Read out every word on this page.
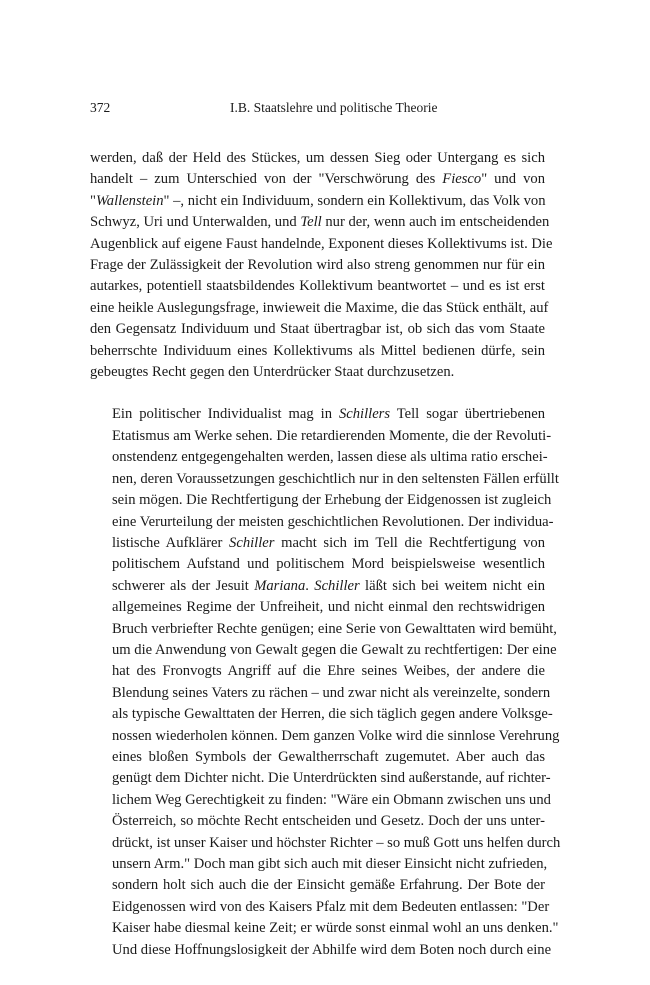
372	I.B. Staatslehre und politische Theorie

werden, daß der Held des Stückes, um dessen Sieg oder Untergang es sich
handelt – zum Unterschied von der "Verschwörung des Fiesco" und von
"Wallenstein" –, nicht ein Individuum, sondern ein Kollektivum, das Volk von
Schwyz, Uri und Unterwalden, und Tell nur der, wenn auch im entscheidenden
Augenblick auf eigene Faust handelnde, Exponent dieses Kollektivums ist. Die
Frage der Zulässigkeit der Revolution wird also streng genommen nur für ein
autarkes, potentiell staatsbildendes Kollektivum beantwortet – und es ist erst
eine heikle Auslegungsfrage, inwieweit die Maxime, die das Stück enthält, auf
den Gegensatz Individuum und Staat übertragbar ist, ob sich das vom Staate
beherrschte Individuum eines Kollektivums als Mittel bedienen dürfe, sein
gebeugtes Recht gegen den Unterdrücker Staat durchzusetzen.

Ein politischer Individualist mag in Schillers Tell sogar übertriebenen
Etatismus am Werke sehen. Die retardierenden Momente, die der Revoluti-
onstendenz entgegengehalten werden, lassen diese als ultima ratio erschei-
nen, deren Voraussetzungen geschichtlich nur in den seltensten Fällen erfüllt
sein mögen. Die Rechtfertigung der Erhebung der Eidgenossen ist zugleich
eine Verurteilung der meisten geschichtlichen Revolutionen. Der individua-
listische Aufklärer Schiller macht sich im Tell die Rechtfertigung von
politischem Aufstand und politischem Mord beispielsweise wesentlich
schwerer als der Jesuit Mariana. Schiller läßt sich bei weitem nicht ein
allgemeines Regime der Unfreiheit, und nicht einmal den rechtswidrigen
Bruch verbriefter Rechte genügen; eine Serie von Gewalttaten wird bemüht,
um die Anwendung von Gewalt gegen die Gewalt zu rechtfertigen: Der eine
hat des Fronvogts Angriff auf die Ehre seines Weibes, der andere die
Blendung seines Vaters zu rächen – und zwar nicht als vereinzelte, sondern
als typische Gewalttaten der Herren, die sich täglich gegen andere Volksge-
nossen wiederholen können. Dem ganzen Volke wird die sinnlose Verehrung
eines bloßen Symbols der Gewaltherrschaft zugemutet. Aber auch das
genügt dem Dichter nicht. Die Unterdrückten sind außerstande, auf richter-
lichem Weg Gerechtigkeit zu finden: "Wäre ein Obmann zwischen uns und
Österreich, so möchte Recht entscheiden und Gesetz. Doch der uns unter-
drückt, ist unser Kaiser und höchster Richter – so muß Gott uns helfen durch
unsern Arm." Doch man gibt sich auch mit dieser Einsicht nicht zufrieden,
sondern holt sich auch die der Einsicht gemäße Erfahrung. Der Bote der
Eidgenossen wird von des Kaisers Pfalz mit dem Bedeuten entlassen: "Der
Kaiser habe diesmal keine Zeit; er würde sonst einmal wohl an uns denken."
Und diese Hoffnungslosigkeit der Abhilfe wird dem Boten noch durch eine
